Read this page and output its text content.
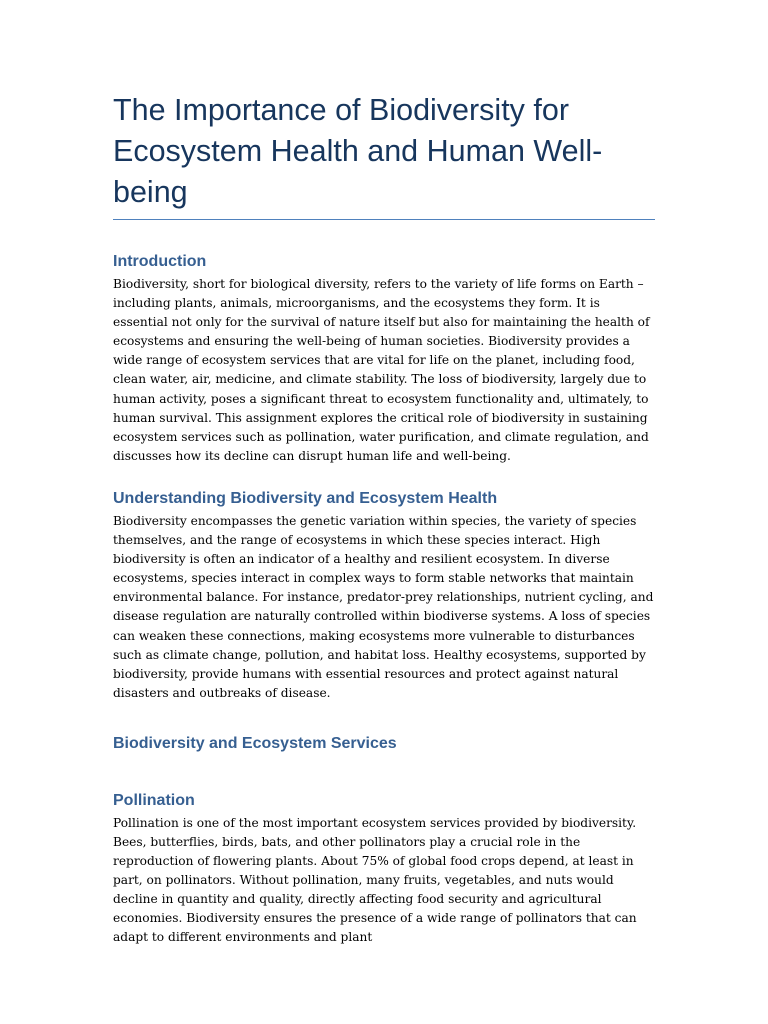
The Importance of Biodiversity for Ecosystem Health and Human Well-being
Introduction

Biodiversity, short for biological diversity, refers to the variety of life forms on Earth – including plants, animals, microorganisms, and the ecosystems they form. It is essential not only for the survival of nature itself but also for maintaining the health of ecosystems and ensuring the well-being of human societies. Biodiversity provides a wide range of ecosystem services that are vital for life on the planet, including food, clean water, air, medicine, and climate stability. The loss of biodiversity, largely due to human activity, poses a significant threat to ecosystem functionality and, ultimately, to human survival. This assignment explores the critical role of biodiversity in sustaining ecosystem services such as pollination, water purification, and climate regulation, and discusses how its decline can disrupt human life and well-being.

Understanding Biodiversity and Ecosystem Health

Biodiversity encompasses the genetic variation within species, the variety of species themselves, and the range of ecosystems in which these species interact. High biodiversity is often an indicator of a healthy and resilient ecosystem. In diverse ecosystems, species interact in complex ways to form stable networks that maintain environmental balance. For instance, predator-prey relationships, nutrient cycling, and disease regulation are naturally controlled within biodiverse systems. A loss of species can weaken these connections, making ecosystems more vulnerable to disturbances such as climate change, pollution, and habitat loss. Healthy ecosystems, supported by biodiversity, provide humans with essential resources and protect against natural disasters and outbreaks of disease.

Biodiversity and Ecosystem Services
Pollination

Pollination is one of the most important ecosystem services provided by biodiversity. Bees, butterflies, birds, bats, and other pollinators play a crucial role in the reproduction of flowering plants. About 75% of global food crops depend, at least in part, on pollinators. Without pollination, many fruits, vegetables, and nuts would decline in quantity and quality, directly affecting food security and agricultural economies. Biodiversity ensures the presence of a wide range of pollinators that can adapt to different environments and plant
